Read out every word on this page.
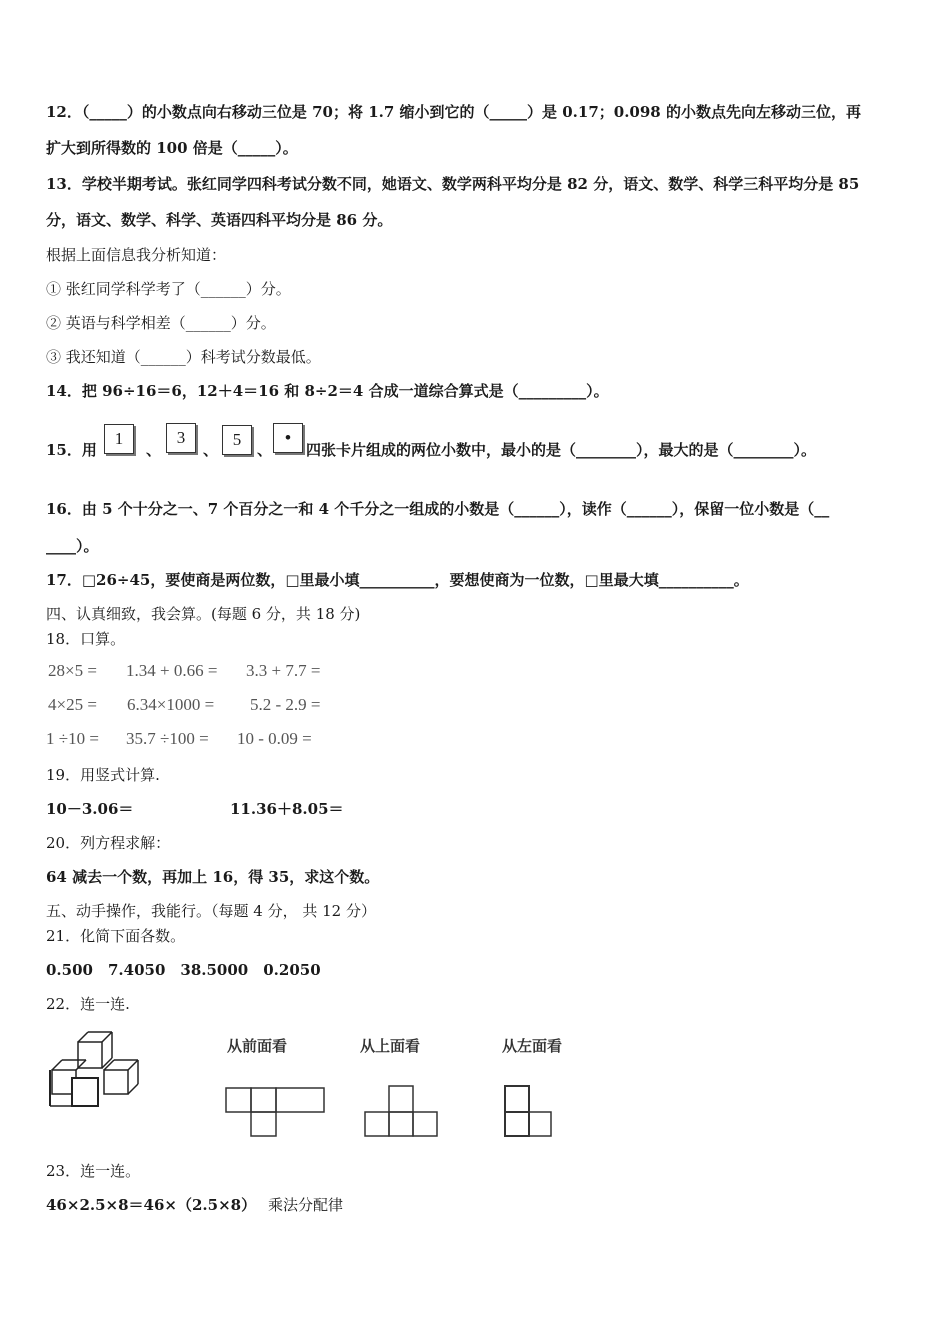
12．（_____）的小数点向右移动三位是 70；将 1.7 缩小到它的（_____）是 0.17；0.098 的小数点先向左移动三位，再
扩大到所得数的 100 倍是（_____）。
13．学校半期考试。张红同学四科考试分数不同，她语文、数学两科平均分是 82 分，语文、数学、科学三科平均分是 85
分，语文、数学、科学、英语四科平均分是 86 分。
根据上面信息我分析知道：
① 张红同学科学考了（______）分。
② 英语与科学相差（______）分。
③ 我还知道（______）科考试分数最低。
14．把 96÷16＝6，12＋4＝16 和 8÷2＝4 合成一道综合算式是（_________）。
15．用
1
、
3
、
5
、
•
四张卡片组成的两位小数中，最小的是（________），最大的是（________）。
16．由 5 个十分之一、7 个百分之一和 4 个千分之一组成的小数是（______），读作（______），保留一位小数是（__
____）。
17．□26÷45，要使商是两位数，□里最小填__________，要想使商为一位数，□里最大填__________。
四、认真细致，我会算。(每题 6 分，共 18 分)
18．口算。
28×5 = 1.34 + 0.66 = 3.3 + 7.7 =
4×25 = 6.34×1000 = 5.2 - 2.9 =
1 ÷10 = 35.7 ÷100 = 10 - 0.09 =
19．用竖式计算.
10－3.06＝	11.36＋8.05＝
20．列方程求解：
64 减去一个数，再加上 16，得 35，求这个数。
五、动手操作，我能行。（每题 4 分， 共 12 分）
21．化简下面各数。
0.500　7.4050　38.5000　0.2050
22．连一连.
从前面看	从上面看	从左面看
23．连一连。
46×2.5×8＝46×（2.5×8） 乘法分配律
